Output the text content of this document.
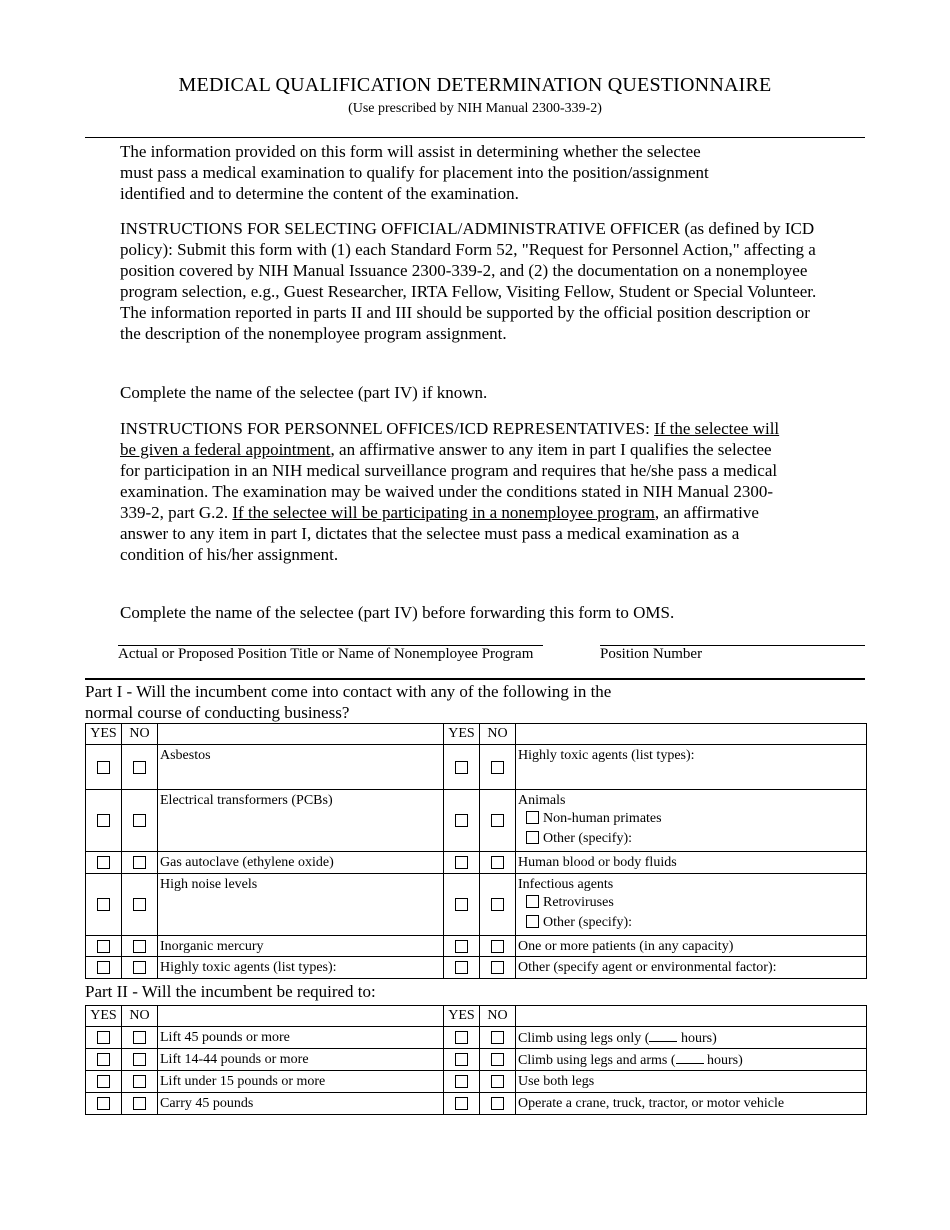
MEDICAL QUALIFICATION DETERMINATION QUESTIONNAIRE
(Use prescribed by NIH Manual 2300-339-2)
The information provided on this form will assist in determining whether the selectee must pass a medical examination to qualify for placement into the position/assignment identified and to determine the content of the examination.
INSTRUCTIONS FOR SELECTING OFFICIAL/ADMINISTRATIVE OFFICER (as defined by ICD policy): Submit this form with (1) each Standard Form 52, "Request for Personnel Action," affecting a position covered by NIH Manual Issuance 2300-339-2, and (2) the documentation on a nonemployee program selection, e.g., Guest Researcher, IRTA Fellow, Visiting Fellow, Student or Special Volunteer. The information reported in parts II and III should be supported by the official position description or the description of the nonemployee program assignment.
Complete the name of the selectee (part IV) if known.
INSTRUCTIONS FOR PERSONNEL OFFICES/ICD REPRESENTATIVES: If the selectee will be given a federal appointment, an affirmative answer to any item in part I qualifies the selectee for participation in an NIH medical surveillance program and requires that he/she pass a medical examination. The examination may be waived under the conditions stated in NIH Manual 2300-339-2, part G.2. If the selectee will be participating in a nonemployee program, an affirmative answer to any item in part I, dictates that the selectee must pass a medical examination as a condition of his/her assignment.
Complete the name of the selectee (part IV) before forwarding this form to OMS.
Actual or Proposed Position Title or Name of Nonemployee Program	Position Number
Part I - Will the incumbent come into contact with any of the following in the
normal course of conducting business?
YES	NO		YES	NO	

	Asbestos			Highly toxic agents (list types):

	Electrical transformers (PCBs)			Animals
Non-human primates
Other (specify):

	Gas autoclave (ethylene oxide)			Human blood or body fluids

	High noise levels			Infectious agents
Retroviruses
Other (specify):

	Inorganic mercury			One or more patients (in any capacity)

	Highly toxic agents (list types):			Other (specify agent or environmental factor):
Part II - Will the incumbent be required to:
YES	NO		YES	NO	

	Lift 45 pounds or more			Climb using legs only ( hours)

	Lift 14-44 pounds or more			Climb using legs and arms ( hours)

	Lift under 15 pounds or more			Use both legs

	Carry 45 pounds			Operate a crane, truck, tractor, or motor vehicle
